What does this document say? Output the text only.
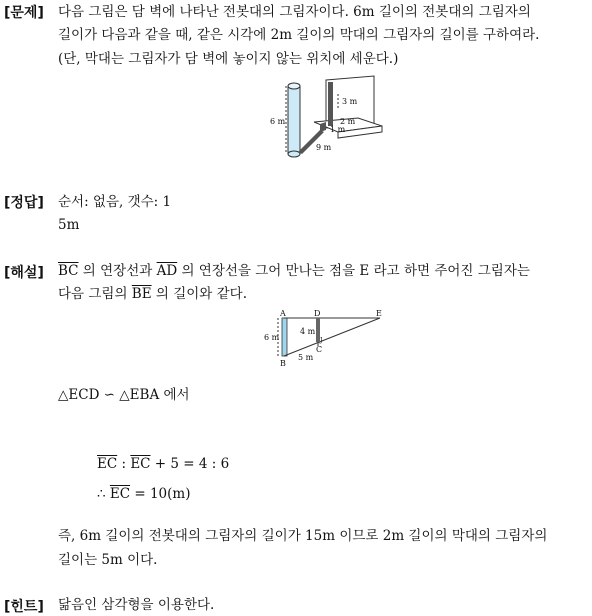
[문제] 다음 그림은 담 벽에 나타난 전봇대의 그림자이다. 6m 길이의 전봇대의 그림자의
길이가 다음과 같을 때, 같은 시각에 2m 길이의 막대의 그림자의 길이를 구하여라.
(단, 막대는 그림자가 담 벽에 놓이지 않는 위치에 세운다.)
3 m
6 m	2 m
1 m
9 m
[정답] 순서: 없음, 갯수: 1
5m
[해설] $\overline{BC}$ 의 연장선과 $\overline{AD}$ 의 연장선을 그어 만나는 점을 E 라고 하면 주어진 그림자는
다음 그림의 $\overline{BE}$ 의 길이와 같다.
A	D	E
B
C
J
6 m
4 m
5 m
△ECD ∽ △EBA 에서
$\overline{EC}$ : $\overline{EC} + 5 = 4$ : 6
∴ $\overline{EC} = 10(m)$
즉, 6m 길이의 전봇대의 그림자의 길이가 15m 이므로 2m 길이의 막대의 그림자의
길이는 5m 이다.
[힌트] 닮음인 삼각형을 이용한다.
